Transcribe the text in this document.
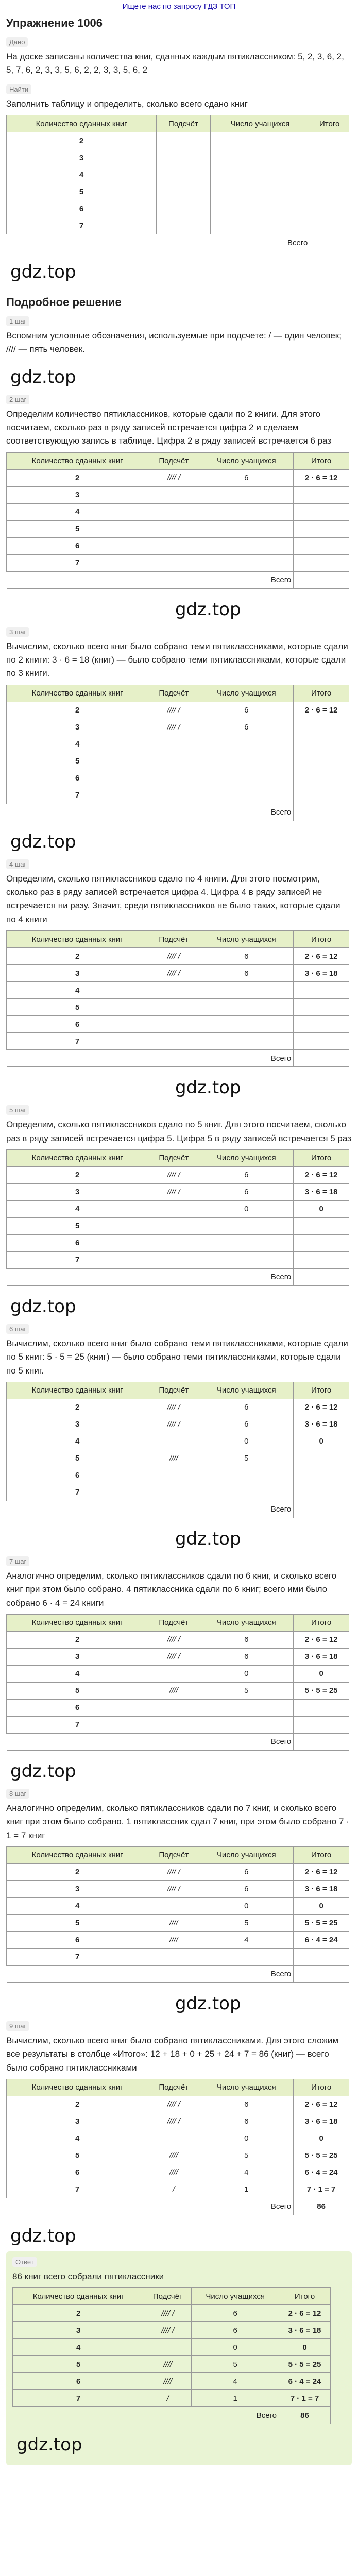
Ищете нас по запросу ГДЗ ТОП
Упражнение 1006
Дано
На доске записаны количества книг, сданных каждым пятиклассником: 5, 2, 3, 6, 2, 5, 7, 6, 2, 3, 3, 5, 6, 2, 2, 3, 3, 5, 6, 2
Найти
Заполнить таблицу и определить, сколько всего сдано книг
Количество сданных книг	Подсчёт	Число учащихся	Итого
2			
3			
4			
5			
6			
7			
Всего			
gdz.top
Подробное решение
1 шаг
Вспомним условные обозначения, используемые при подсчете: / — один человек; //// — пять человек.
gdz.top
2 шаг
Определим количество пятиклассников, которые сдали по 2 книги. Для этого посчитаем, сколько раз в ряду записей встречается цифра 2 и сделаем соответствующую запись в таблице. Цифра 2 в ряду записей встречается 6 раз
Количество сданных книг	Подсчёт	Число учащихся	Итого
2	//// /	6	2 · 6 = 12
3			
4			
5			
6			
7			
Всего			
gdz.top
3 шаг
Вычислим, сколько всего книг было собрано теми пятиклассниками, которые сдали по 2 книги: 3 · 6 = 18 (книг) — было собрано теми пятиклассниками, которые сдали по 3 книги.
Количество сданных книг	Подсчёт	Число учащихся	Итого
2	//// /	6	2 · 6 = 12
3	//// /	6	
4			
5			
6			
7			
Всего			
gdz.top
4 шаг
Определим, сколько пятиклассников сдало по 4 книги. Для этого посмотрим, сколько раз в ряду записей встречается цифра 4. Цифра 4 в ряду записей не встречается ни разу. Значит, среди пятиклассников не было таких, которые сдали по 4 книги
Количество сданных книг	Подсчёт	Число учащихся	Итого
2	//// /	6	2 · 6 = 12
3	//// /	6	3 · 6 = 18
4			
5			
6			
7			
Всего			
gdz.top
5 шаг
Определим, сколько пятиклассников сдало по 5 книг. Для этого посчитаем, сколько раз в ряду записей встречается цифра 5. Цифра 5 в ряду записей встречается 5 раз
Количество сданных книг	Подсчёт	Число учащихся	Итого
2	//// /	6	2 · 6 = 12
3	//// /	6	3 · 6 = 18
4		0	0
5			
6			
7			
Всего			
gdz.top
6 шаг
Вычислим, сколько всего книг было собрано теми пятиклассниками, которые сдали по 5 книг: 5 · 5 = 25 (книг) — было собрано теми пятиклассниками, которые сдали по 5 книг.
Количество сданных книг	Подсчёт	Число учащихся	Итого
2	//// /	6	2 · 6 = 12
3	//// /	6	3 · 6 = 18
4		0	0
5	////	5	
6			
7			
Всего			
gdz.top
7 шаг
Аналогично определим, сколько пятиклассников сдали по 6 книг, и сколько всего книг при этом было собрано. 4 пятиклассника сдали по 6 книг; всего ими было собрано 6 · 4 = 24 книги
Количество сданных книг	Подсчёт	Число учащихся	Итого
2	//// /	6	2 · 6 = 12
3	//// /	6	3 · 6 = 18
4		0	0
5	////	5	5 · 5 = 25
6			
7			
Всего			
gdz.top
8 шаг
Аналогично определим, сколько пятиклассников сдали по 7 книг, и сколько всего книг при этом было собрано. 1 пятиклассник сдал 7 книг, при этом было собрано 7 · 1 = 7 книг
Количество сданных книг	Подсчёт	Число учащихся	Итого
2	//// /	6	2 · 6 = 12
3	//// /	6	3 · 6 = 18
4		0	0
5	////	5	5 · 5 = 25
6	////	4	6 · 4 = 24
7			
Всего			
gdz.top
9 шаг
Вычислим, сколько всего книг было собрано пятиклассниками. Для этого сложим все результаты в столбце «Итого»: 12 + 18 + 0 + 25 + 24 + 7 = 86 (книг) — всего было собрано пятиклассниками
Количество сданных книг	Подсчёт	Число учащихся	Итого
2	//// /	6	2 · 6 = 12
3	//// /	6	3 · 6 = 18
4		0	0
5	////	5	5 · 5 = 25
6	////	4	6 · 4 = 24
7	/	1	7 · 1 = 7
Всего			86
gdz.top
Ответ
86 книг всего собрали пятиклассники
Количество сданных книг	Подсчёт	Число учащихся	Итого
2	//// /	6	2 · 6 = 12
3	//// /	6	3 · 6 = 18
4		0	0
5	////	5	5 · 5 = 25
6	////	4	6 · 4 = 24
7	/	1	7 · 1 = 7
Всего			86
gdz.top
